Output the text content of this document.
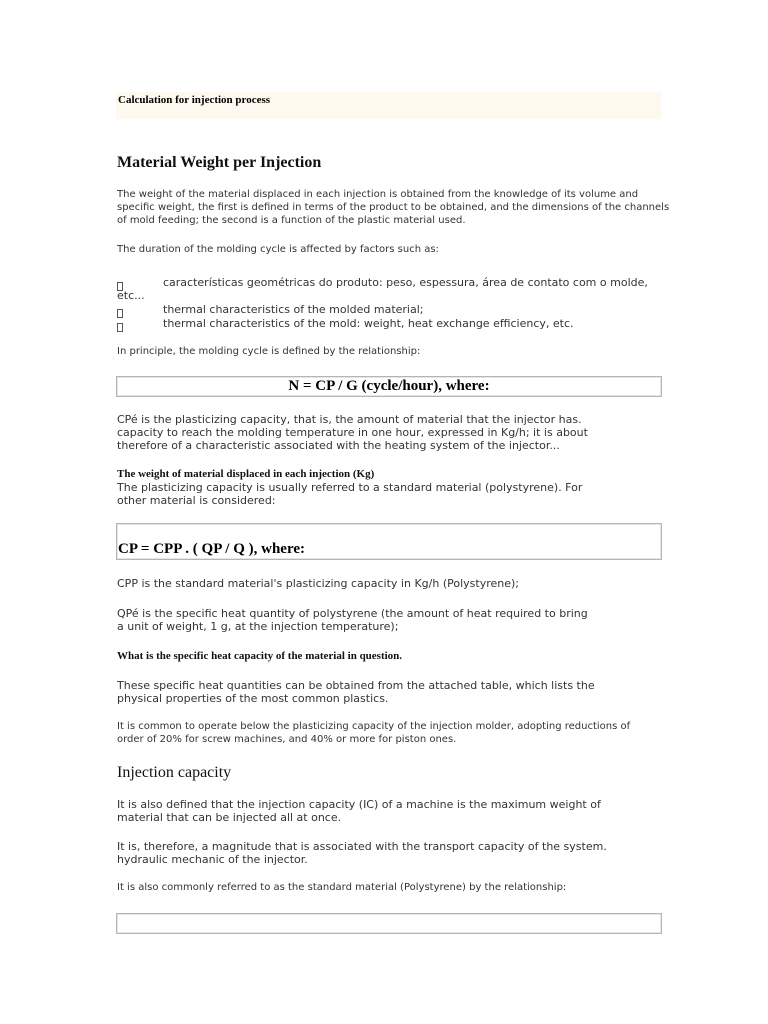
Calculation for injection process
Material Weight per Injection
The weight of the material displaced in each injection is obtained from the knowledge of its volume and
specific weight, the first is defined in terms of the product to be obtained, and the dimensions of the channels
of mold feeding; the second is a function of the plastic material used.
The duration of the molding cycle is affected by factors such as:
características geométricas do produto: peso, espessura, área de contato com o molde,
etc...
thermal characteristics of the molded material;
thermal characteristics of the mold: weight, heat exchange efficiency, etc.
In principle, the molding cycle is defined by the relationship:
N = CP / G (cycle/hour), where:
CPé is the plasticizing capacity, that is, the amount of material that the injector has.
capacity to reach the molding temperature in one hour, expressed in Kg/h; it is about
therefore of a characteristic associated with the heating system of the injector...
The weight of material displaced in each injection (Kg)
The plasticizing capacity is usually referred to a standard material (polystyrene). For
other material is considered:
CP = CPP . ( QP / Q ), where:
CPP is the standard material's plasticizing capacity in Kg/h (Polystyrene);
QPé is the specific heat quantity of polystyrene (the amount of heat required to bring
a unit of weight, 1 g, at the injection temperature);
What is the specific heat capacity of the material in question.
These specific heat quantities can be obtained from the attached table, which lists the
physical properties of the most common plastics.
It is common to operate below the plasticizing capacity of the injection molder, adopting reductions of
order of 20% for screw machines, and 40% or more for piston ones.
Injection capacity
It is also defined that the injection capacity (IC) of a machine is the maximum weight of
material that can be injected all at once.
It is, therefore, a magnitude that is associated with the transport capacity of the system.
hydraulic mechanic of the injector.
It is also commonly referred to as the standard material (Polystyrene) by the relationship:
